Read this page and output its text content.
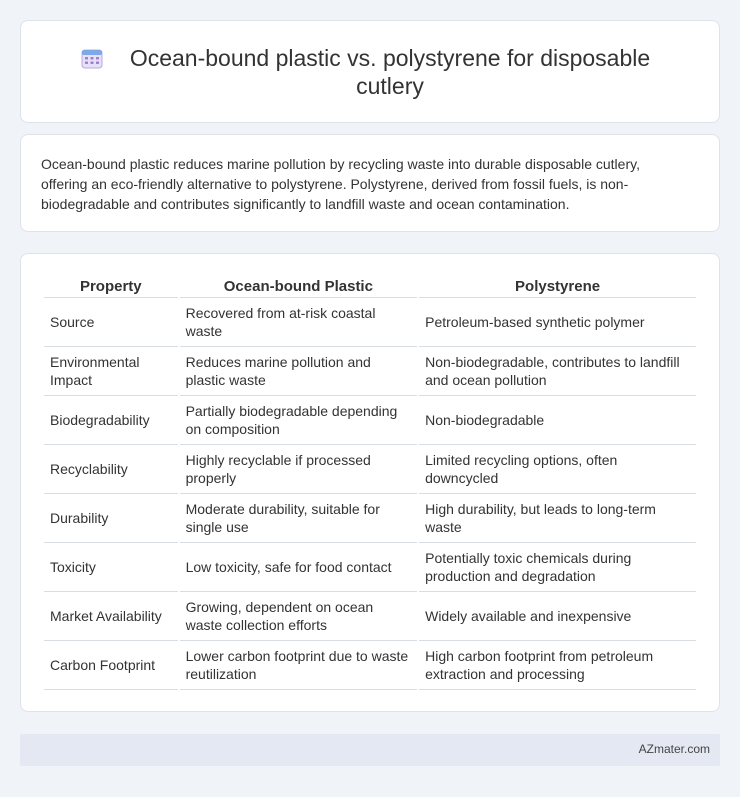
Ocean-bound plastic vs. polystyrene for disposable cutlery

Ocean-bound plastic reduces marine pollution by recycling waste into durable disposable cutlery, offering an eco-friendly alternative to polystyrene. Polystyrene, derived from fossil fuels, is non-biodegradable and contributes significantly to landfill waste and ocean contamination.

Property	Ocean-bound Plastic	Polystyrene
Source	Recovered from at-risk coastal waste	Petroleum-based synthetic polymer
Environmental Impact	Reduces marine pollution and plastic waste	Non-biodegradable, contributes to landfill and ocean pollution
Biodegradability	Partially biodegradable depending on composition	Non-biodegradable
Recyclability	Highly recyclable if processed properly	Limited recycling options, often downcycled
Durability	Moderate durability, suitable for single use	High durability, but leads to long-term waste
Toxicity	Low toxicity, safe for food contact	Potentially toxic chemicals during production and degradation
Market Availability	Growing, dependent on ocean waste collection efforts	Widely available and inexpensive
Carbon Footprint	Lower carbon footprint due to waste reutilization	High carbon footprint from petroleum extraction and processing
AZmater.com
